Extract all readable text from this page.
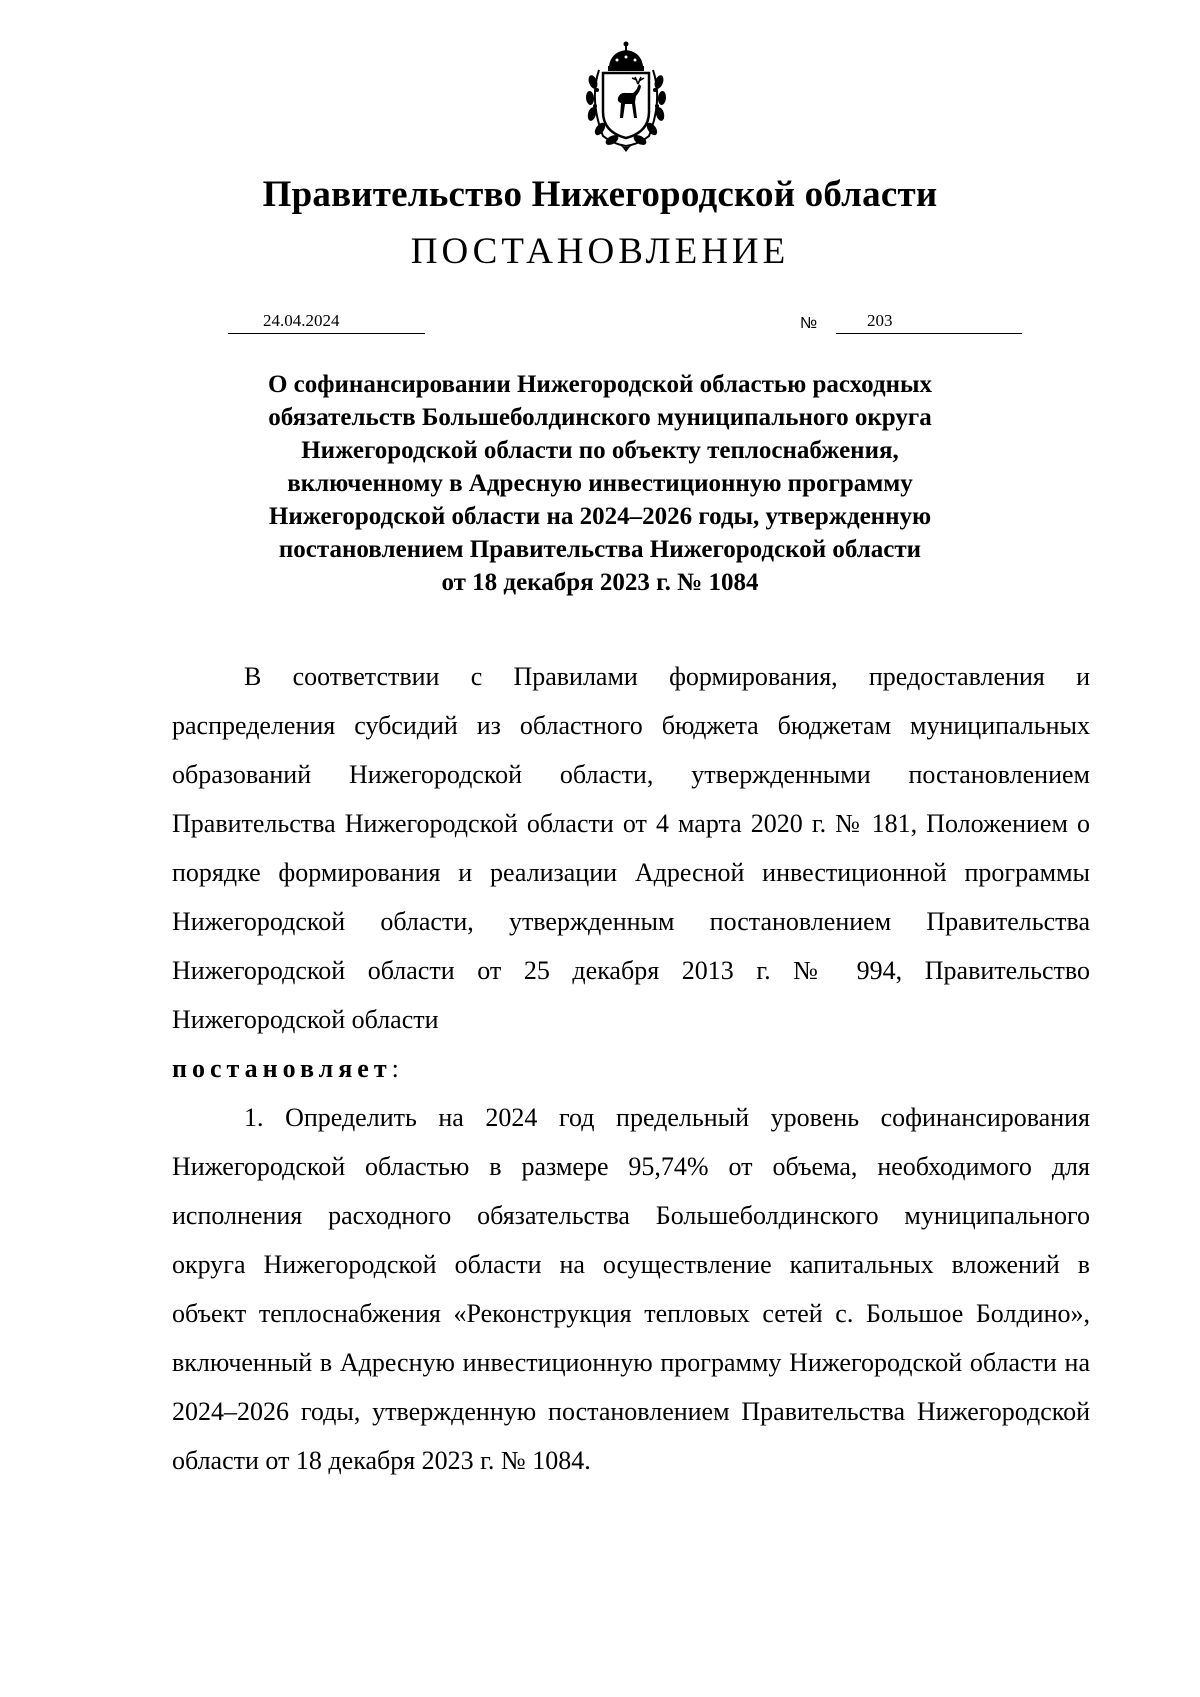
Правительство Нижегородской области
ПОСТАНОВЛЕНИЕ
24.04.2024	№	203
О софинансировании Нижегородской областью расходных
обязательств Большеболдинского муниципального округа
Нижегородской области по объекту теплоснабжения,
включенному в Адресную инвестиционную программу
Нижегородской области на 2024–2026 годы, утвержденную
постановлением Правительства Нижегородской области
от 18 декабря 2023 г. № 1084

В соответствии с Правилами формирования, предоставления и распределения субсидий из областного бюджета бюджетам муниципальных образований Нижегородской области, утвержденными постановлением Правительства Нижегородской области от 4 марта 2020 г. № 181, Положением о порядке формирования и реализации Адресной инвестиционной программы Нижегородской области, утвержденным постановлением Правительства Нижегородской области от 25 декабря 2013 г. № 994, Правительство Нижегородской области

постановляет:

1. Определить на 2024 год предельный уровень софинансирования Нижегородской областью в размере 95,74% от объема, необходимого для исполнения расходного обязательства Большеболдинского муниципального округа Нижегородской области на осуществление капитальных вложений в объект теплоснабжения «Реконструкция тепловых сетей с. Большое Болдино», включенный в Адресную инвестиционную программу Нижегородской области на 2024–2026 годы, утвержденную постановлением Правительства Нижегородской области от 18 декабря 2023 г. № 1084.
